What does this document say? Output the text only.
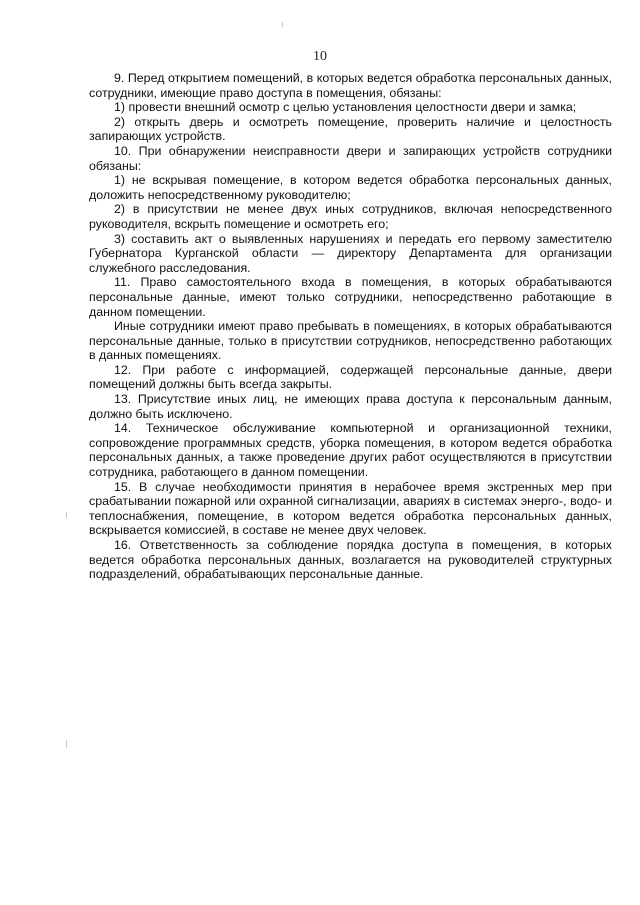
10

9. Перед открытием помещений, в которых ведется обработка персональных данных, сотрудники, имеющие право доступа в помещения, обязаны:

1) провести внешний осмотр с целью установления целостности двери и замка;

2) открыть дверь и осмотреть помещение, проверить наличие и целостность запирающих устройств.

10. При обнаружении неисправности двери и запирающих устройств сотрудники обязаны:

1) не вскрывая помещение, в котором ведется обработка персональных данных, доложить непосредственному руководителю;

2) в присутствии не менее двух иных сотрудников, включая непосредственного руководителя, вскрыть помещение и осмотреть его;

3) составить акт о выявленных нарушениях и передать его первому заместителю Губернатора Курганской области — директору Департамента для организации служебного расследования.

11. Право самостоятельного входа в помещения, в которых обрабатываются персональные данные, имеют только сотрудники, непосредственно работающие в данном помещении.

Иные сотрудники имеют право пребывать в помещениях, в которых обрабатываются персональные данные, только в присутствии сотрудников, непосредственно работающих в данных помещениях.

12. При работе с информацией, содержащей персональные данные, двери помещений должны быть всегда закрыты.

13. Присутствие иных лиц, не имеющих права доступа к персональным данным, должно быть исключено.

14. Техническое обслуживание компьютерной и организационной техники, сопровождение программных средств, уборка помещения, в котором ведется обработка персональных данных, а также проведение других работ осуществляются в присутствии сотрудника, работающего в данном помещении.

15. В случае необходимости принятия в нерабочее время экстренных мер при срабатывании пожарной или охранной сигнализации, авариях в системах энерго-, водо- и теплоснабжения, помещение, в котором ведется обработка персональных данных, вскрывается комиссией, в составе не менее двух человек.

16. Ответственность за соблюдение порядка доступа в помещения, в которых ведется обработка персональных данных, возлагается на руководителей структурных подразделений, обрабатывающих персональные данные.
